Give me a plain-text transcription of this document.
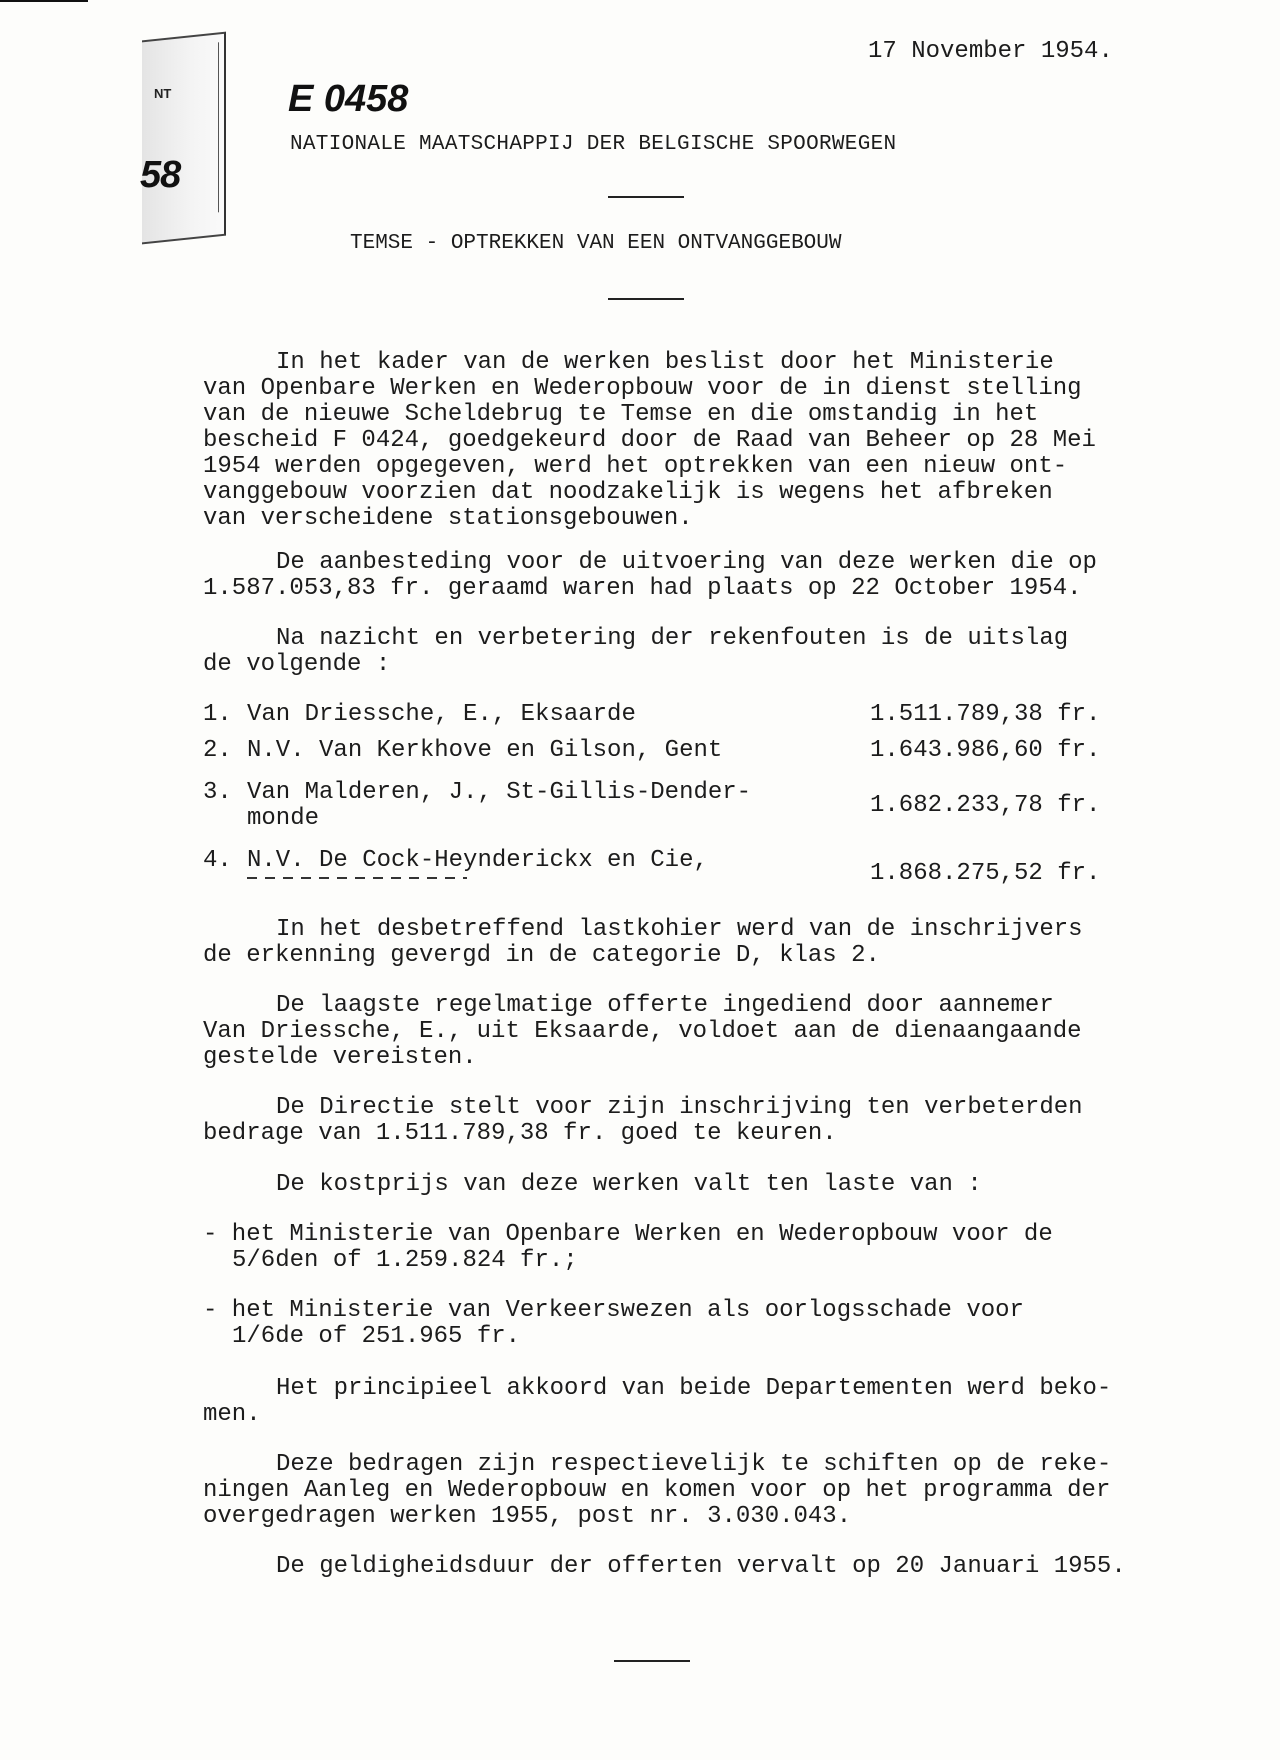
NT
58
17 November 1954.
E 0458
NATIONALE MAATSCHAPPIJ DER BELGISCHE SPOORWEGEN
TEMSE - OPTREKKEN VAN EEN ONTVANGGEBOUW

In het kader van de werken beslist door het Ministerie
van Openbare Werken en Wederopbouw voor de in dienst stelling
van de nieuwe Scheldebrug te Temse en die omstandig in het
bescheid F 0424, goedgekeurd door de Raad van Beheer op 28 Mei
1954 werden opgegeven, werd het optrekken van een nieuw ont-
vanggebouw voorzien dat noodzakelijk is wegens het afbreken
van verscheidene stationsgebouwen.

De aanbesteding voor de uitvoering van deze werken die op
1.587.053,83 fr. geraamd waren had plaats op 22 October 1954.

Na nazicht en verbetering der rekenfouten is de uitslag
de volgende :

1. Van Driessche, E., Eksaarde	1.511.789,38 fr.
2. N.V. Van Kerkhove en Gilson, Gent	1.643.986,60 fr.
3. Van Malderen, J., St-Gillis-Dender-
monde	1.682.233,78 fr.
4. N.V. De Cock-Heynderickx en Cie,	1.868.275,52 fr.

In het desbetreffend lastkohier werd van de inschrijvers
de erkenning gevergd in de categorie D, klas 2.

De laagste regelmatige offerte ingediend door aannemer
Van Driessche, E., uit Eksaarde, voldoet aan de dienaangaande
gestelde vereisten.

De Directie stelt voor zijn inschrijving ten verbeterden
bedrage van 1.511.789,38 fr. goed te keuren.

De kostprijs van deze werken valt ten laste van :

- het Ministerie van Openbare Werken en Wederopbouw voor de
5/6den of 1.259.824 fr.;

- het Ministerie van Verkeerswezen als oorlogsschade voor
1/6de of 251.965 fr.

Het principieel akkoord van beide Departementen werd beko-
men.

Deze bedragen zijn respectievelijk te schiften op de reke-
ningen Aanleg en Wederopbouw en komen voor op het programma der
overgedragen werken 1955, post nr. 3.030.043.

De geldigheidsduur der offerten vervalt op 20 Januari 1955.
